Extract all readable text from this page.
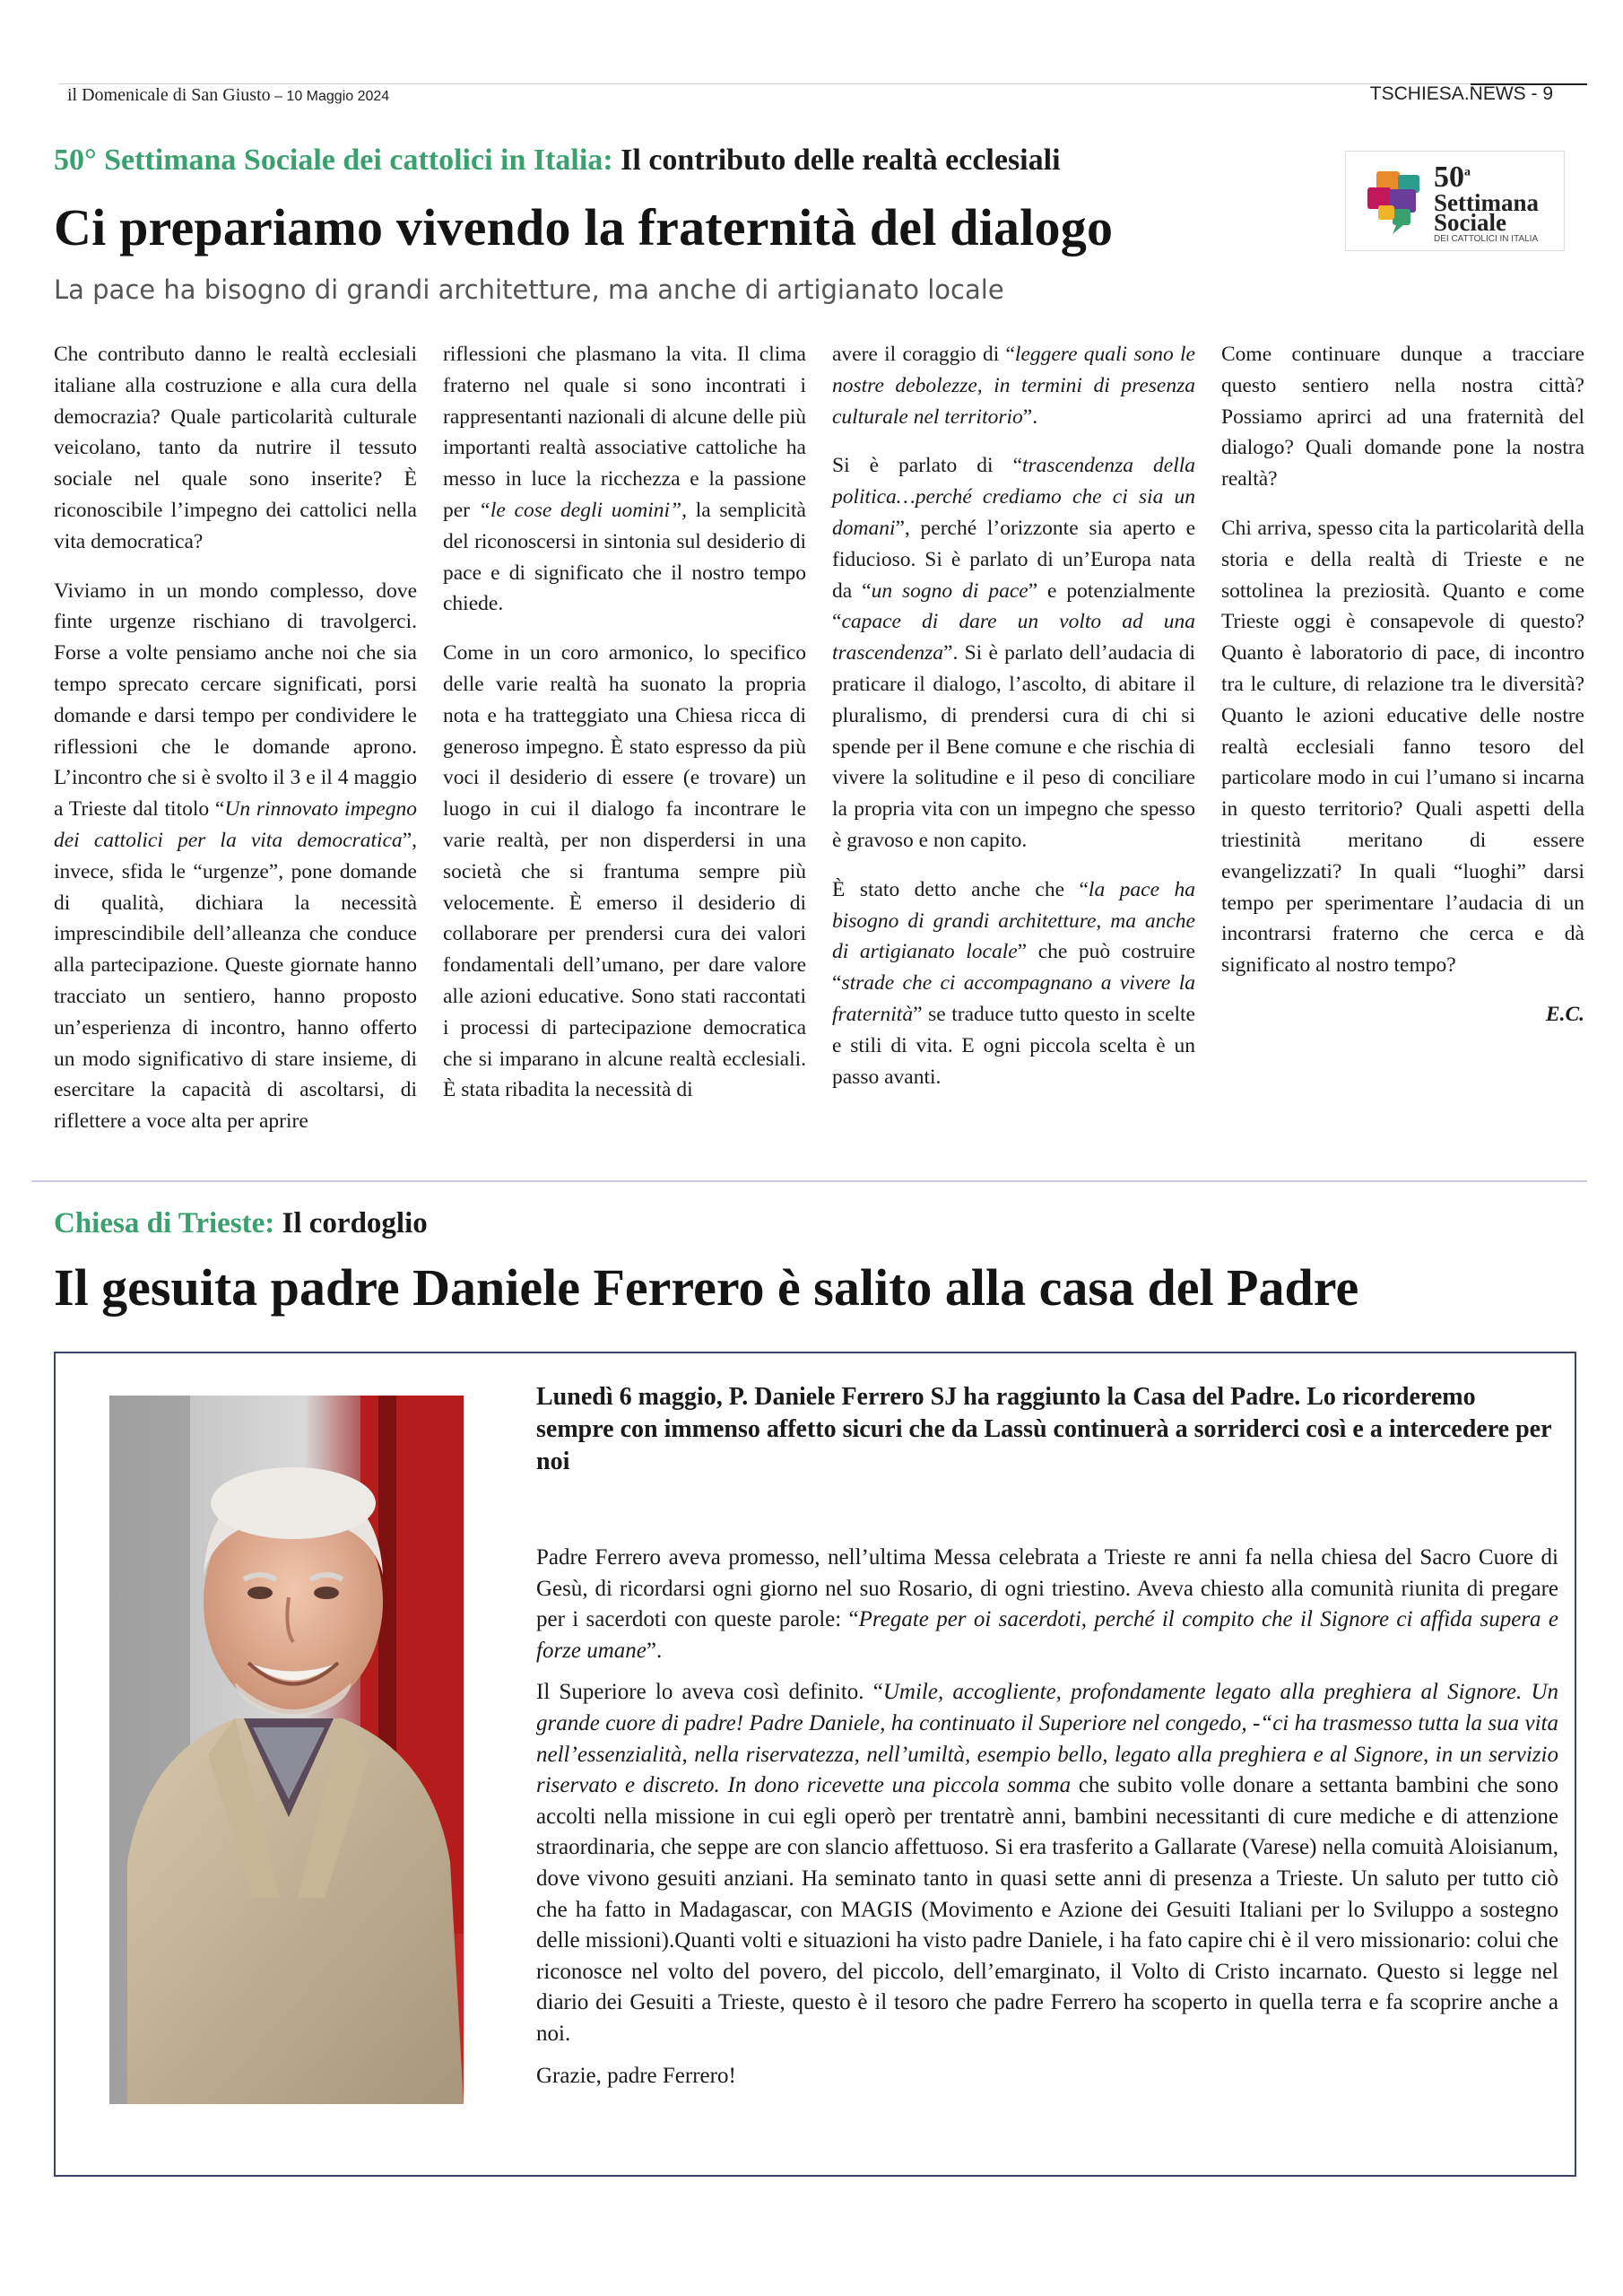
il Domenicale di San Giusto – 10 Maggio 2024	TSCHIESA.NEWS - 9
50° Settimana Sociale dei cattolici in Italia: Il contributo delle realtà ecclesiali
Ci prepariamo vivendo la fraternità del dialogo
La pace ha bisogno di grandi architetture, ma anche di artigianato locale
50$^a$
Settimana
Sociale
DEI CATTOLICI IN ITALIA

Che contributo danno le realtà ecclesiali italiane alla costruzione e alla cura della democrazia? Quale particolarità culturale veicolano, tanto da nutrire il tessuto sociale nel quale sono inserite? È riconoscibile l’impegno dei cattolici nella vita democratica?

Viviamo in un mondo complesso, dove finte urgenze rischiano di travolgerci. Forse a volte pensiamo anche noi che sia tempo sprecato cercare significati, porsi domande e darsi tempo per condividere le riflessioni che le domande aprono. L’incontro che si è svolto il 3 e il 4 maggio a Trieste dal titolo “Un rinnovato impegno dei cattolici per la vita democratica”, invece, sfida le “urgenze”, pone domande di qualità, dichiara la necessità imprescindibile dell’alleanza che conduce alla partecipazione. Queste giornate hanno tracciato un sentiero, hanno proposto un’esperienza di incontro, hanno offerto un modo significativo di stare insieme, di esercitare la capacità di ascoltarsi, di riflettere a voce alta per aprire

riflessioni che plasmano la vita. Il clima fraterno nel quale si sono incontrati i rappresentanti nazionali di alcune delle più importanti realtà associative cattoliche ha messo in luce la ricchezza e la passione per “le cose degli uomini”, la semplicità del riconoscersi in sintonia sul desiderio di pace e di significato che il nostro tempo chiede.

Come in un coro armonico, lo specifico delle varie realtà ha suonato la propria nota e ha tratteggiato una Chiesa ricca di generoso impegno. È stato espresso da più voci il desiderio di essere (e trovare) un luogo in cui il dialogo fa incontrare le varie realtà, per non disperdersi in una società che si frantuma sempre più velocemente. È emerso il desiderio di collaborare per prendersi cura dei valori fondamentali dell’umano, per dare valore alle azioni educative. Sono stati raccontati i processi di partecipazione democratica che si imparano in alcune realtà ecclesiali. È stata ribadita la necessità di

avere il coraggio di “leggere quali sono le nostre debolezze, in termini di presenza culturale nel territorio”.

Si è parlato di “trascendenza della politica…perché crediamo che ci sia un domani”, perché l’orizzonte sia aperto e fiducioso. Si è parlato di un’Europa nata da “un sogno di pace” e potenzialmente “capace di dare un volto ad una trascendenza”. Si è parlato dell’audacia di praticare il dialogo, l’ascolto, di abitare il pluralismo, di prendersi cura di chi si spende per il Bene comune e che rischia di vivere la solitudine e il peso di conciliare la propria vita con un impegno che spesso è gravoso e non capito.

È stato detto anche che “la pace ha bisogno di grandi architetture, ma anche di artigianato locale” che può costruire “strade che ci accompagnano a vivere la fraternità” se traduce tutto questo in scelte e stili di vita. E ogni piccola scelta è un passo avanti.

Come continuare dunque a tracciare questo sentiero nella nostra città? Possiamo aprirci ad una fraternità del dialogo? Quali domande pone la nostra realtà?

Chi arriva, spesso cita la particolarità della storia e della realtà di Trieste e ne sottolinea la preziosità. Quanto e come Trieste oggi è consapevole di questo? Quanto è laboratorio di pace, di incontro tra le culture, di relazione tra le diversità? Quanto le azioni educative delle nostre realtà ecclesiali fanno tesoro del particolare modo in cui l’umano si incarna in questo territorio? Quali aspetti della triestinità meritano di essere evangelizzati? In quali “luoghi” darsi tempo per sperimentare l’audacia di un incontrarsi fraterno che cerca e dà significato al nostro tempo?

E.C.

Chiesa di Trieste: Il cordoglio
Il gesuita padre Daniele Ferrero è salito alla casa del Padre
Lunedì 6 maggio, P. Daniele Ferrero SJ ha raggiunto la Casa del Padre. Lo ricorderemo sempre con immenso affetto sicuri che da Lassù continuerà a sorriderci così e a intercedere per noi

Padre Ferrero aveva promesso, nell’ultima Messa celebrata a Trieste re anni fa nella chiesa del Sacro Cuore di Gesù, di ricordarsi ogni giorno nel suo Rosario, di ogni triestino. Aveva chiesto alla comunità riunita di pregare per i sacerdoti con queste parole: “Pregate per oi sacerdoti, perché il compito che il Signore ci affida supera e forze umane”.

Il Superiore lo aveva così definito. “Umile, accogliente, profondamente legato alla preghiera al Signore. Un grande cuore di padre! Padre Daniele, ha continuato il Superiore nel congedo, -“ci ha trasmesso tutta la sua vita nell’essenzialità, nella riservatezza, nell’umiltà, esempio bello, legato alla preghiera e al Signore, in un servizio riservato e discreto. In dono ricevette una piccola somma che subito volle donare a settanta bambini che sono accolti nella missione in cui egli operò per trentatrè anni, bambini necessitanti di cure mediche e di attenzione straordinaria, che seppe are con slancio affettuoso. Si era trasferito a Gallarate (Varese) nella comuità Aloisianum, dove vivono gesuiti anziani. Ha seminato tanto in quasi sette anni di presenza a Trieste. Un saluto per tutto ciò che ha fatto in Madagascar, con MAGIS (Movimento e Azione dei Gesuiti Italiani per lo Sviluppo a sostegno delle missioni).Quanti volti e situazioni ha visto padre Daniele, i ha fato capire chi è il vero missionario: colui che riconosce nel volto del povero, del piccolo, dell’emarginato, il Volto di Cristo incarnato. Questo si legge nel diario dei Gesuiti a Trieste, questo è il tesoro che padre Ferrero ha scoperto in quella terra e fa scoprire anche a noi.

Grazie, padre Ferrero!
